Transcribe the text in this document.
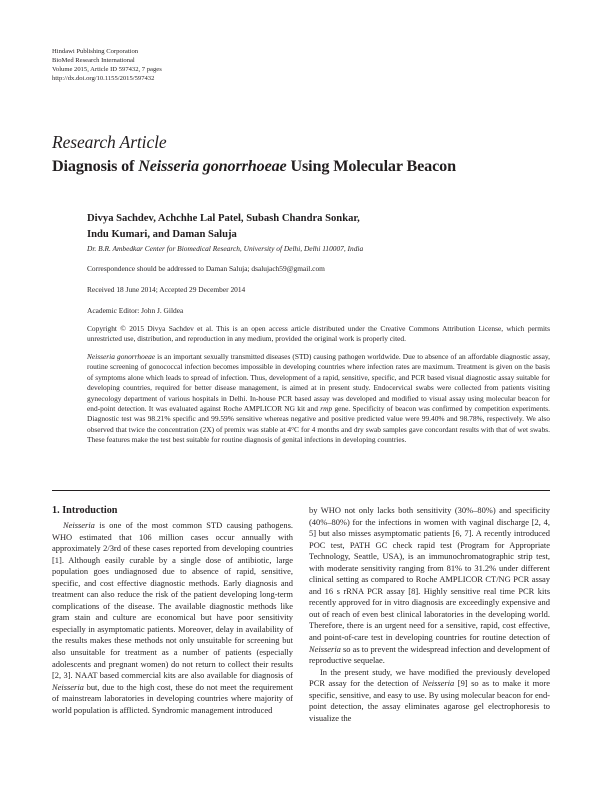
Hindawi Publishing Corporation
BioMed Research International
Volume 2015, Article ID 597432, 7 pages
http://dx.doi.org/10.1155/2015/597432
Research Article
Diagnosis of Neisseria gonorrhoeae Using Molecular Beacon
Divya Sachdev, Achchhe Lal Patel, Subash Chandra Sonkar,
Indu Kumari, and Daman Saluja
Dr. B.R. Ambedkar Center for Biomedical Research, University of Delhi, Delhi 110007, India
Correspondence should be addressed to Daman Saluja; dsalujach59@gmail.com
Received 18 June 2014; Accepted 29 December 2014
Academic Editor: John J. Gildea
Copyright © 2015 Divya Sachdev et al. This is an open access article distributed under the Creative Commons Attribution License, which permits unrestricted use, distribution, and reproduction in any medium, provided the original work is properly cited.
Neisseria gonorrhoeae is an important sexually transmitted diseases (STD) causing pathogen worldwide. Due to absence of an affordable diagnostic assay, routine screening of gonococcal infection becomes impossible in developing countries where infection rates are maximum. Treatment is given on the basis of symptoms alone which leads to spread of infection. Thus, development of a rapid, sensitive, specific, and PCR based visual diagnostic assay suitable for developing countries, required for better disease management, is aimed at in present study. Endocervical swabs were collected from patients visiting gynecology department of various hospitals in Delhi. In-house PCR based assay was developed and modified to visual assay using molecular beacon for end-point detection. It was evaluated against Roche AMPLICOR NG kit and rmp gene. Specificity of beacon was confirmed by competition experiments. Diagnostic test was 98.21% specific and 99.59% sensitive whereas negative and positive predicted value were 99.40% and 98.78%, respectively. We also observed that twice the concentration (2X) of premix was stable at 4°C for 4 months and dry swab samples gave concordant results with that of wet swabs. These features make the test best suitable for routine diagnosis of genital infections in developing countries.
1. Introduction

Neisseria is one of the most common STD causing pathogens. WHO estimated that 106 million cases occur annually with approximately 2/3rd of these cases reported from developing countries [1]. Although easily curable by a single dose of antibiotic, large population goes undiagnosed due to absence of rapid, sensitive, specific, and cost effective diagnostic methods. Early diagnosis and treatment can also reduce the risk of the patient developing long-term complications of the disease. The available diagnostic methods like gram stain and culture are economical but have poor sensitivity especially in asymptomatic patients. Moreover, delay in availability of the results makes these methods not only unsuitable for screening but also unsuitable for treatment as a number of patients (especially adolescents and pregnant women) do not return to collect their results [2, 3]. NAAT based commercial kits are also available for diagnosis of Neisseria but, due to the high cost, these do not meet the requirement of mainstream laboratories in developing countries where majority of world population is afflicted. Syndromic management introduced

by WHO not only lacks both sensitivity (30%–80%) and specificity (40%–80%) for the infections in women with vaginal discharge [2, 4, 5] but also misses asymptomatic patients [6, 7]. A recently introduced POC test, PATH GC check rapid test (Program for Appropriate Technology, Seattle, USA), is an immunochromatographic strip test, with moderate sensitivity ranging from 81% to 31.2% under different clinical setting as compared to Roche AMPLICOR CT/NG PCR assay and 16 s rRNA PCR assay [8]. Highly sensitive real time PCR kits recently approved for in vitro diagnosis are exceedingly expensive and out of reach of even best clinical laboratories in the developing world. Therefore, there is an urgent need for a sensitive, rapid, cost effective, and point-of-care test in developing countries for routine detection of Neisseria so as to prevent the widespread infection and development of reproductive sequelae.

In the present study, we have modified the previously developed PCR assay for the detection of Neisseria [9] so as to make it more specific, sensitive, and easy to use. By using molecular beacon for end-point detection, the assay eliminates agarose gel electrophoresis to visualize the
